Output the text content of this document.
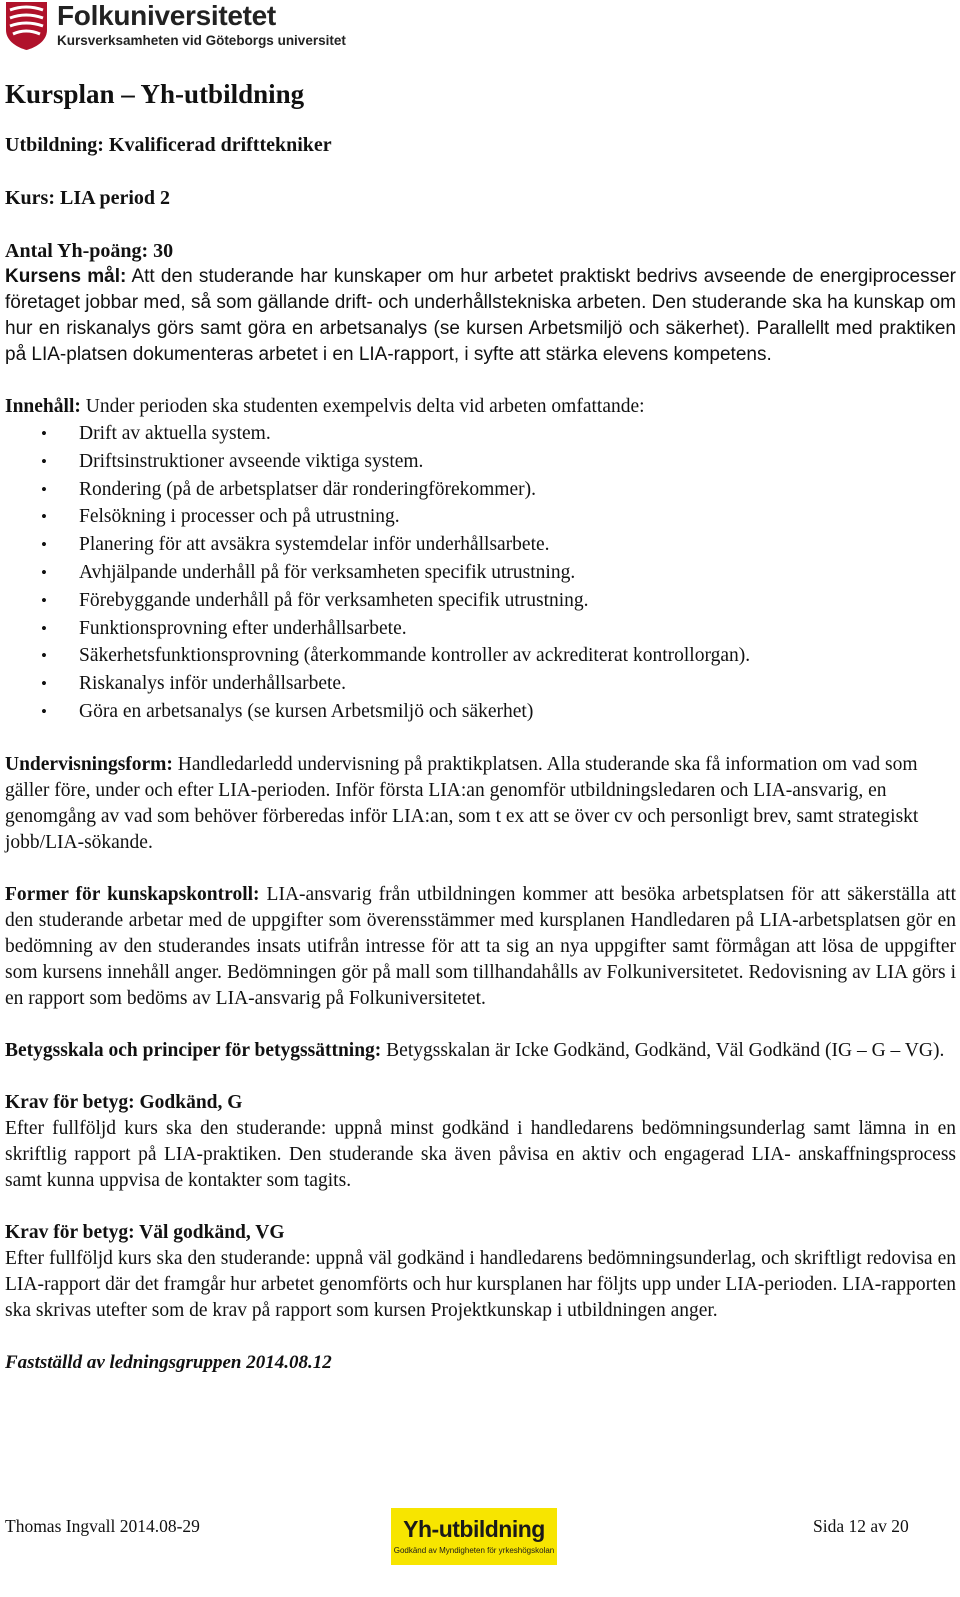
Folkuniversitetet
Kursverksamheten vid Göteborgs universitet
Kursplan – Yh-utbildning
Utbildning: Kvalificerad drifttekniker
Kurs: LIA period 2
Antal Yh-poäng: 30

Kursens mål: Att den studerande har kunskaper om hur arbetet praktiskt bedrivs avseende de energiprocesser företaget jobbar med, så som gällande drift- och underhållstekniska arbeten. Den studerande ska ha kunskap om hur en riskanalys görs samt göra en arbetsanalys (se kursen Arbetsmiljö och säkerhet). Parallellt med praktiken på LIA-platsen dokumenteras arbetet i en LIA-rapport, i syfte att stärka elevens kompetens.

Innehåll: Under perioden ska studenten exempelvis delta vid arbeten omfattande:

• Drift av aktuella system.
• Driftsinstruktioner avseende viktiga system.
• Rondering (på de arbetsplatser där ronderingförekommer).
• Felsökning i processer och på utrustning.
• Planering för att avsäkra systemdelar inför underhållsarbete.
• Avhjälpande underhåll på för verksamheten specifik utrustning.
• Förebyggande underhåll på för verksamheten specifik utrustning.
• Funktionsprovning efter underhållsarbete.
• Säkerhetsfunktionsprovning (återkommande kontroller av ackrediterat kontrollorgan).
• Riskanalys inför underhållsarbete.
• Göra en arbetsanalys (se kursen Arbetsmiljö och säkerhet)

Undervisningsform: Handledarledd undervisning på praktikplatsen. Alla studerande ska få information om vad som gäller före, under och efter LIA-perioden. Inför första LIA:an genomför utbildningsledaren och LIA-ansvarig, en genomgång av vad som behöver förberedas inför LIA:an, som t ex att se över cv och personligt brev, samt strategiskt jobb/LIA-sökande.

Former för kunskapskontroll: LIA-ansvarig från utbildningen kommer att besöka arbetsplatsen för att säkerställa att den studerande arbetar med de uppgifter som överensstämmer med kursplanen Handledaren på LIA-arbetsplatsen gör en bedömning av den studerandes insats utifrån intresse för att ta sig an nya uppgifter samt förmågan att lösa de uppgifter som kursens innehåll anger. Bedömningen gör på mall som tillhandahålls av Folkuniversitetet. Redovisning av LIA görs i en rapport som bedöms av LIA-ansvarig på Folkuniversitetet.

Betygsskala och principer för betygssättning: Betygsskalan är Icke Godkänd, Godkänd, Väl Godkänd (IG – G – VG).

Krav för betyg: Godkänd, G

Efter fullföljd kurs ska den studerande: uppnå minst godkänd i handledarens bedömningsunderlag samt lämna in en skriftlig rapport på LIA-praktiken. Den studerande ska även påvisa en aktiv och engagerad LIA- anskaffningsprocess samt kunna uppvisa de kontakter som tagits.

Krav för betyg: Väl godkänd, VG

Efter fullföljd kurs ska den studerande: uppnå väl godkänd i handledarens bedömningsunderlag, och skriftligt redovisa en LIA-rapport där det framgår hur arbetet genomförts och hur kursplanen har följts upp under LIA-perioden. LIA-rapporten ska skrivas utefter som de krav på rapport som kursen Projektkunskap i utbildningen anger.

Fastställd av ledningsgruppen 2014.08.12
Thomas Ingvall 2014.08-29	Yh-utbildning
Godkänd av Myndigheten för yrkeshögskolan
Sida 12 av 20
